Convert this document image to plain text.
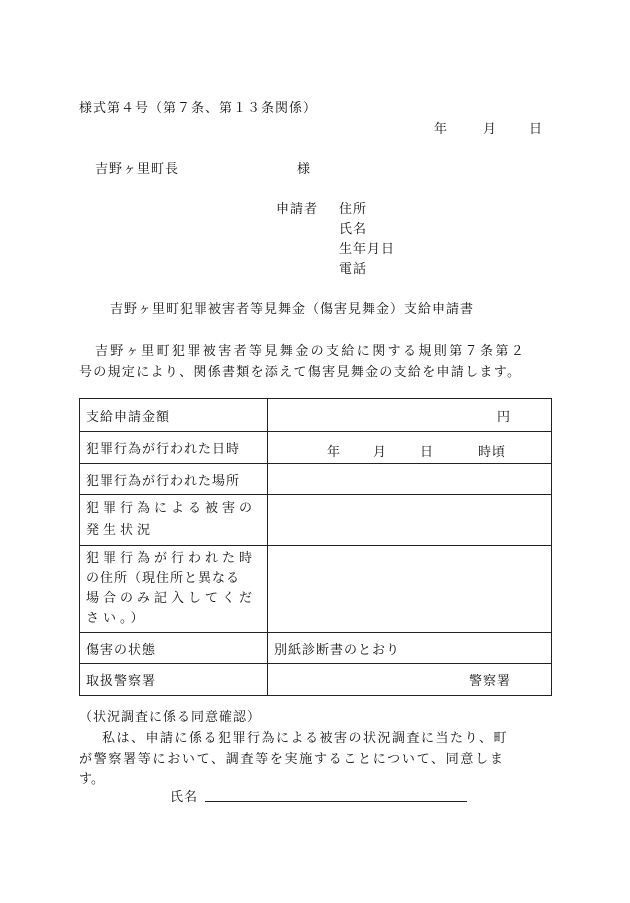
様式第４号（第７条、第１３条関係）
年	月	日
吉野ヶ里町長	様
申請者 住所
氏名
生年月日
電話
吉野ヶ里町犯罪被害者等見舞金（傷害見舞金）支給申請書
吉野ヶ里町犯罪被害者等見舞金の支給に関する規則第７条第２
号の規定により、関係書類を添えて傷害見舞金の支給を申請します。
支給申請金額	円
犯罪行為が行われた日時	年 月 日 時頃

犯罪行為が行われた場所	

犯罪行為による被害の
発生状況	

犯罪行為が行われた時
の住所（現住所と異なる
場合のみ記入してくだ
さい。）	

傷害の状態	別紙診断書のとおり
取扱警察署	警察署
（状況調査に係る同意確認）
私は、申請に係る犯罪行為による被害の状況調査に当たり、町
が警察署等において、調査等を実施することについて、同意しま
す。
氏名
